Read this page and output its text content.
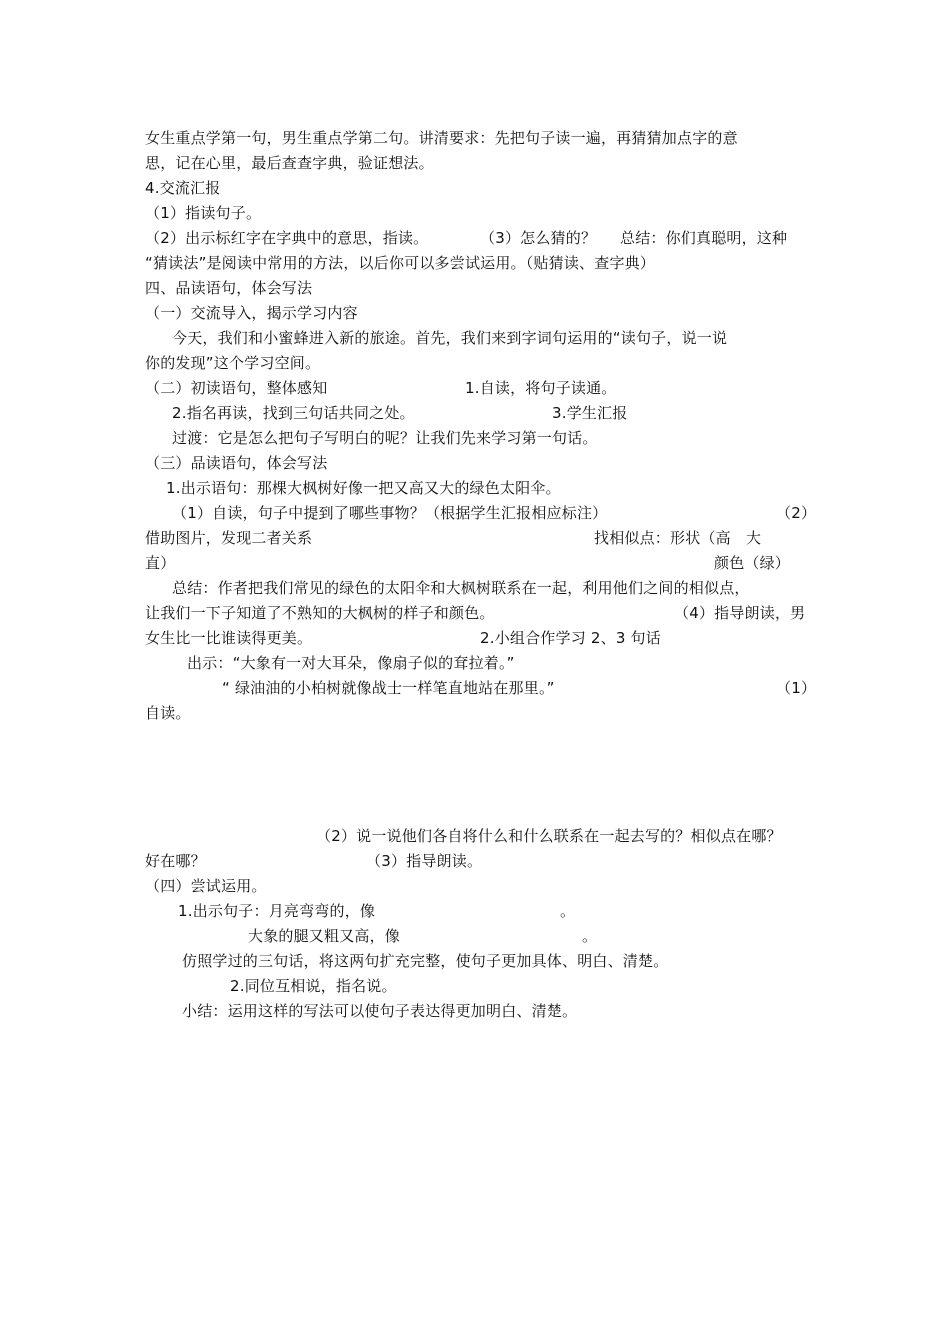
女生重点学第一句，男生重点学第二句。讲清要求：先把句子读一遍，再猜猜加点字的意
思，记在心里，最后查查字典，验证想法。
4.交流汇报
（1）指读句子。
（2）出示标红字在字典中的意思，指读。	（3）怎么猜的？ 总结：你们真聪明，这种
“猜读法”是阅读中常用的方法，以后你可以多尝试运用。（贴猜读、查字典）
四、品读语句，体会写法
（一）交流导入，揭示学习内容
今天，我们和小蜜蜂进入新的旅途。首先，我们来到字词句运用的“读句子，说一说
你的发现”这个学习空间。
（二）初读语句，整体感知	1.自读，将句子读通。
2.指名再读，找到三句话共同之处。	3.学生汇报
过渡：它是怎么把句子写明白的呢？让我们先来学习第一句话。
（三）品读语句，体会写法
1.出示语句：那棵大枫树好像一把又高又大的绿色太阳伞。
（1）自读，句子中提到了哪些事物？（根据学生汇报相应标注）	（2）
借助图片，发现二者关系	找相似点：形状（高　大
直）	颜色（绿）
总结：作者把我们常见的绿色的太阳伞和大枫树联系在一起，利用他们之间的相似点，
让我们一下子知道了不熟知的大枫树的样子和颜色。	（4）指导朗读，男
女生比一比谁读得更美。	2.小组合作学习 2、3 句话
出示：“大象有一对大耳朵，像扇子似的耷拉着。”
“ 绿油油的小柏树就像战士一样笔直地站在那里。”	（1）
自读。
（2）说一说他们各自将什么和什么联系在一起去写的？相似点在哪？
好在哪？	（3）指导朗读。
（四）尝试运用。
1.出示句子：月亮弯弯的，像	。
大象的腿又粗又高，像	。
仿照学过的三句话，将这两句扩充完整，使句子更加具体、明白、清楚。
2.同位互相说，指名说。
小结：运用这样的写法可以使句子表达得更加明白、清楚。
